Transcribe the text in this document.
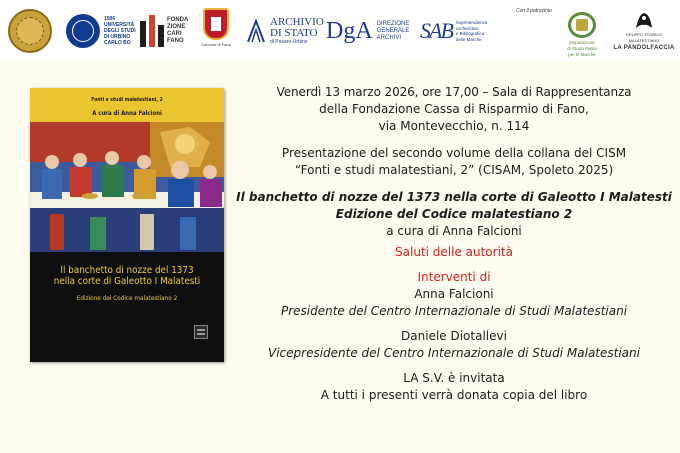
1506
UNIVERSITÀ
DEGLI STUDI
DI URBINO
CARLO BO
FONDA
ZIONE
CARI
FANO
Comune di Fano
ARCHIVIO
DI STATO
di Pesaro-Urbino DgA DIREZIONE
GENERALE
ARCHIVI SAB Soprintendenza
Archivistica
e Bibliografica
delle Marche
Con il patrocinio
Deputazione
di Storia Patria
per le Marche
GRUPPO STORICO MALATESTIANO
LA PANDOLFACCIA
Fonti e studi malatestiani, 2
A cura di Anna Falcioni
Il banchetto di nozze del 1373
nella corte di Galeotto I Malatesti
Edizione del Codice malatestiano 2

Venerdì 13 marzo 2026, ore 17,00 – Sala di Rappresentanza

della Fondazione Cassa di Risparmio di Fano,

via Montevecchio, n. 114

Presentazione del secondo volume della collana del CISM

“Fonti e studi malatestiani, 2” (CISAM, Spoleto 2025)

Il banchetto di nozze del 1373 nella corte di Galeotto I Malatesti

Edizione del Codice malatestiano 2

a cura di Anna Falcioni

Saluti delle autorità

Interventi di

Anna Falcioni

Presidente del Centro Internazionale di Studi Malatestiani

Daniele Diotallevi

Vicepresidente del Centro Internazionale di Studi Malatestiani

LA S.V. è invitata

A tutti i presenti verrà donata copia del libro
